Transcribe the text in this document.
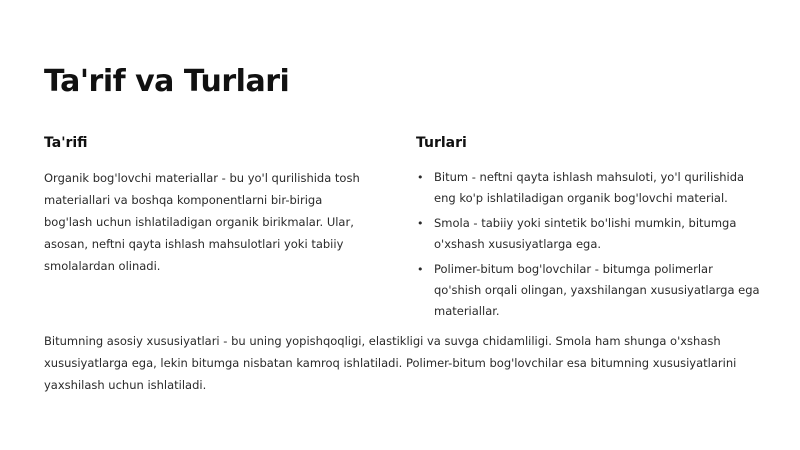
Ta'rif va Turlari
Ta'rifi

Organik bog'lovchi materiallar - bu yo'l qurilishida tosh materiallari va boshqa komponentlarni bir-biriga bog'lash uchun ishlatiladigan organik birikmalar. Ular, asosan, neftni qayta ishlash mahsulotlari yoki tabiiy smolalardan olinadi.

Turlari
• Bitum - neftni qayta ishlash mahsuloti, yo'l qurilishida eng ko'p ishlatiladigan organik bog'lovchi material.
• Smola - tabiiy yoki sintetik bo'lishi mumkin, bitumga o'xshash xususiyatlarga ega.
• Polimer-bitum bog'lovchilar - bitumga polimerlar qo'shish orqali olingan, yaxshilangan xususiyatlarga ega materiallar.

Bitumning asosiy xususiyatlari - bu uning yopishqoqligi, elastikligi va suvga chidamliligi. Smola ham shunga o'xshash xususiyatlarga ega, lekin bitumga nisbatan kamroq ishlatiladi. Polimer-bitum bog'lovchilar esa bitumning xususiyatlarini yaxshilash uchun ishlatiladi.
